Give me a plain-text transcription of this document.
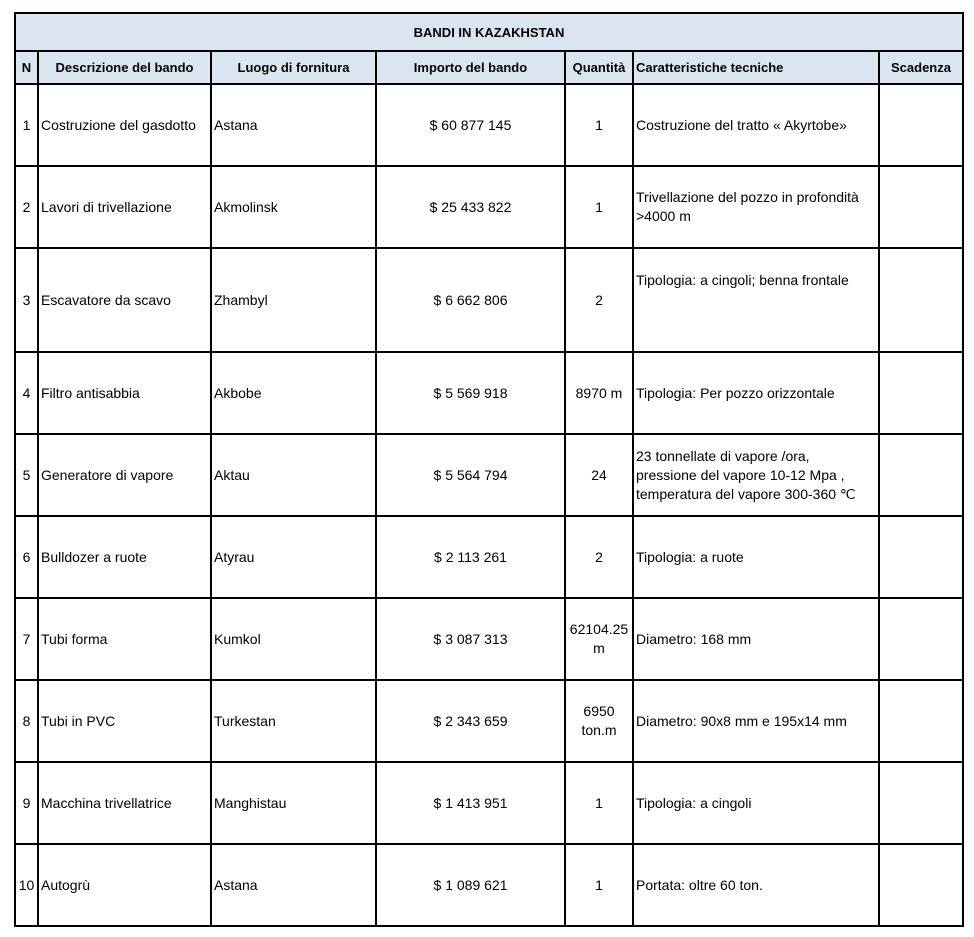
BANDI IN KAZAKHSTAN						
N	Descrizione del bando	Luogo di fornitura	Importo del bando	Quantità	Caratteristiche tecniche	Scadenza
1	Costruzione del gasdotto	Astana	$ 60 877 145	1	Costruzione del tratto « Akyrtobe»	
2	Lavori di trivellazione	Akmolinsk	$ 25 433 822	1	Trivellazione del pozzo in profondità >4000 m	
3	Escavatore da scavo	Zhambyl	$ 6 662 806	2	Tipologia: a cingoli; benna frontale	
4	Filtro antisabbia	Akbobe	$ 5 569 918	8970 m	Tipologia: Per pozzo orizzontale	
5	Generatore di vapore	Aktau	$ 5 564 794	24	23 tonnellate di vapore /ora, pressione del vapore 10-12 Mpa , temperatura del vapore 300-360 ℃	
6	Bulldozer a ruote	Atyrau	$ 2 113 261	2	Tipologia: a ruote	
7	Tubi forma	Kumkol	$ 3 087 313	62104.25 m	Diametro: 168 mm	
8	Tubi in PVC	Turkestan	$ 2 343 659	6950 ton.m	Diametro: 90x8 mm e 195x14 mm	
9	Macchina trivellatrice	Manghistau	$ 1 413 951	1	Tipologia: a cingoli	
10	Autogrù	Astana	$ 1 089 621	1	Portata: oltre 60 ton.	
